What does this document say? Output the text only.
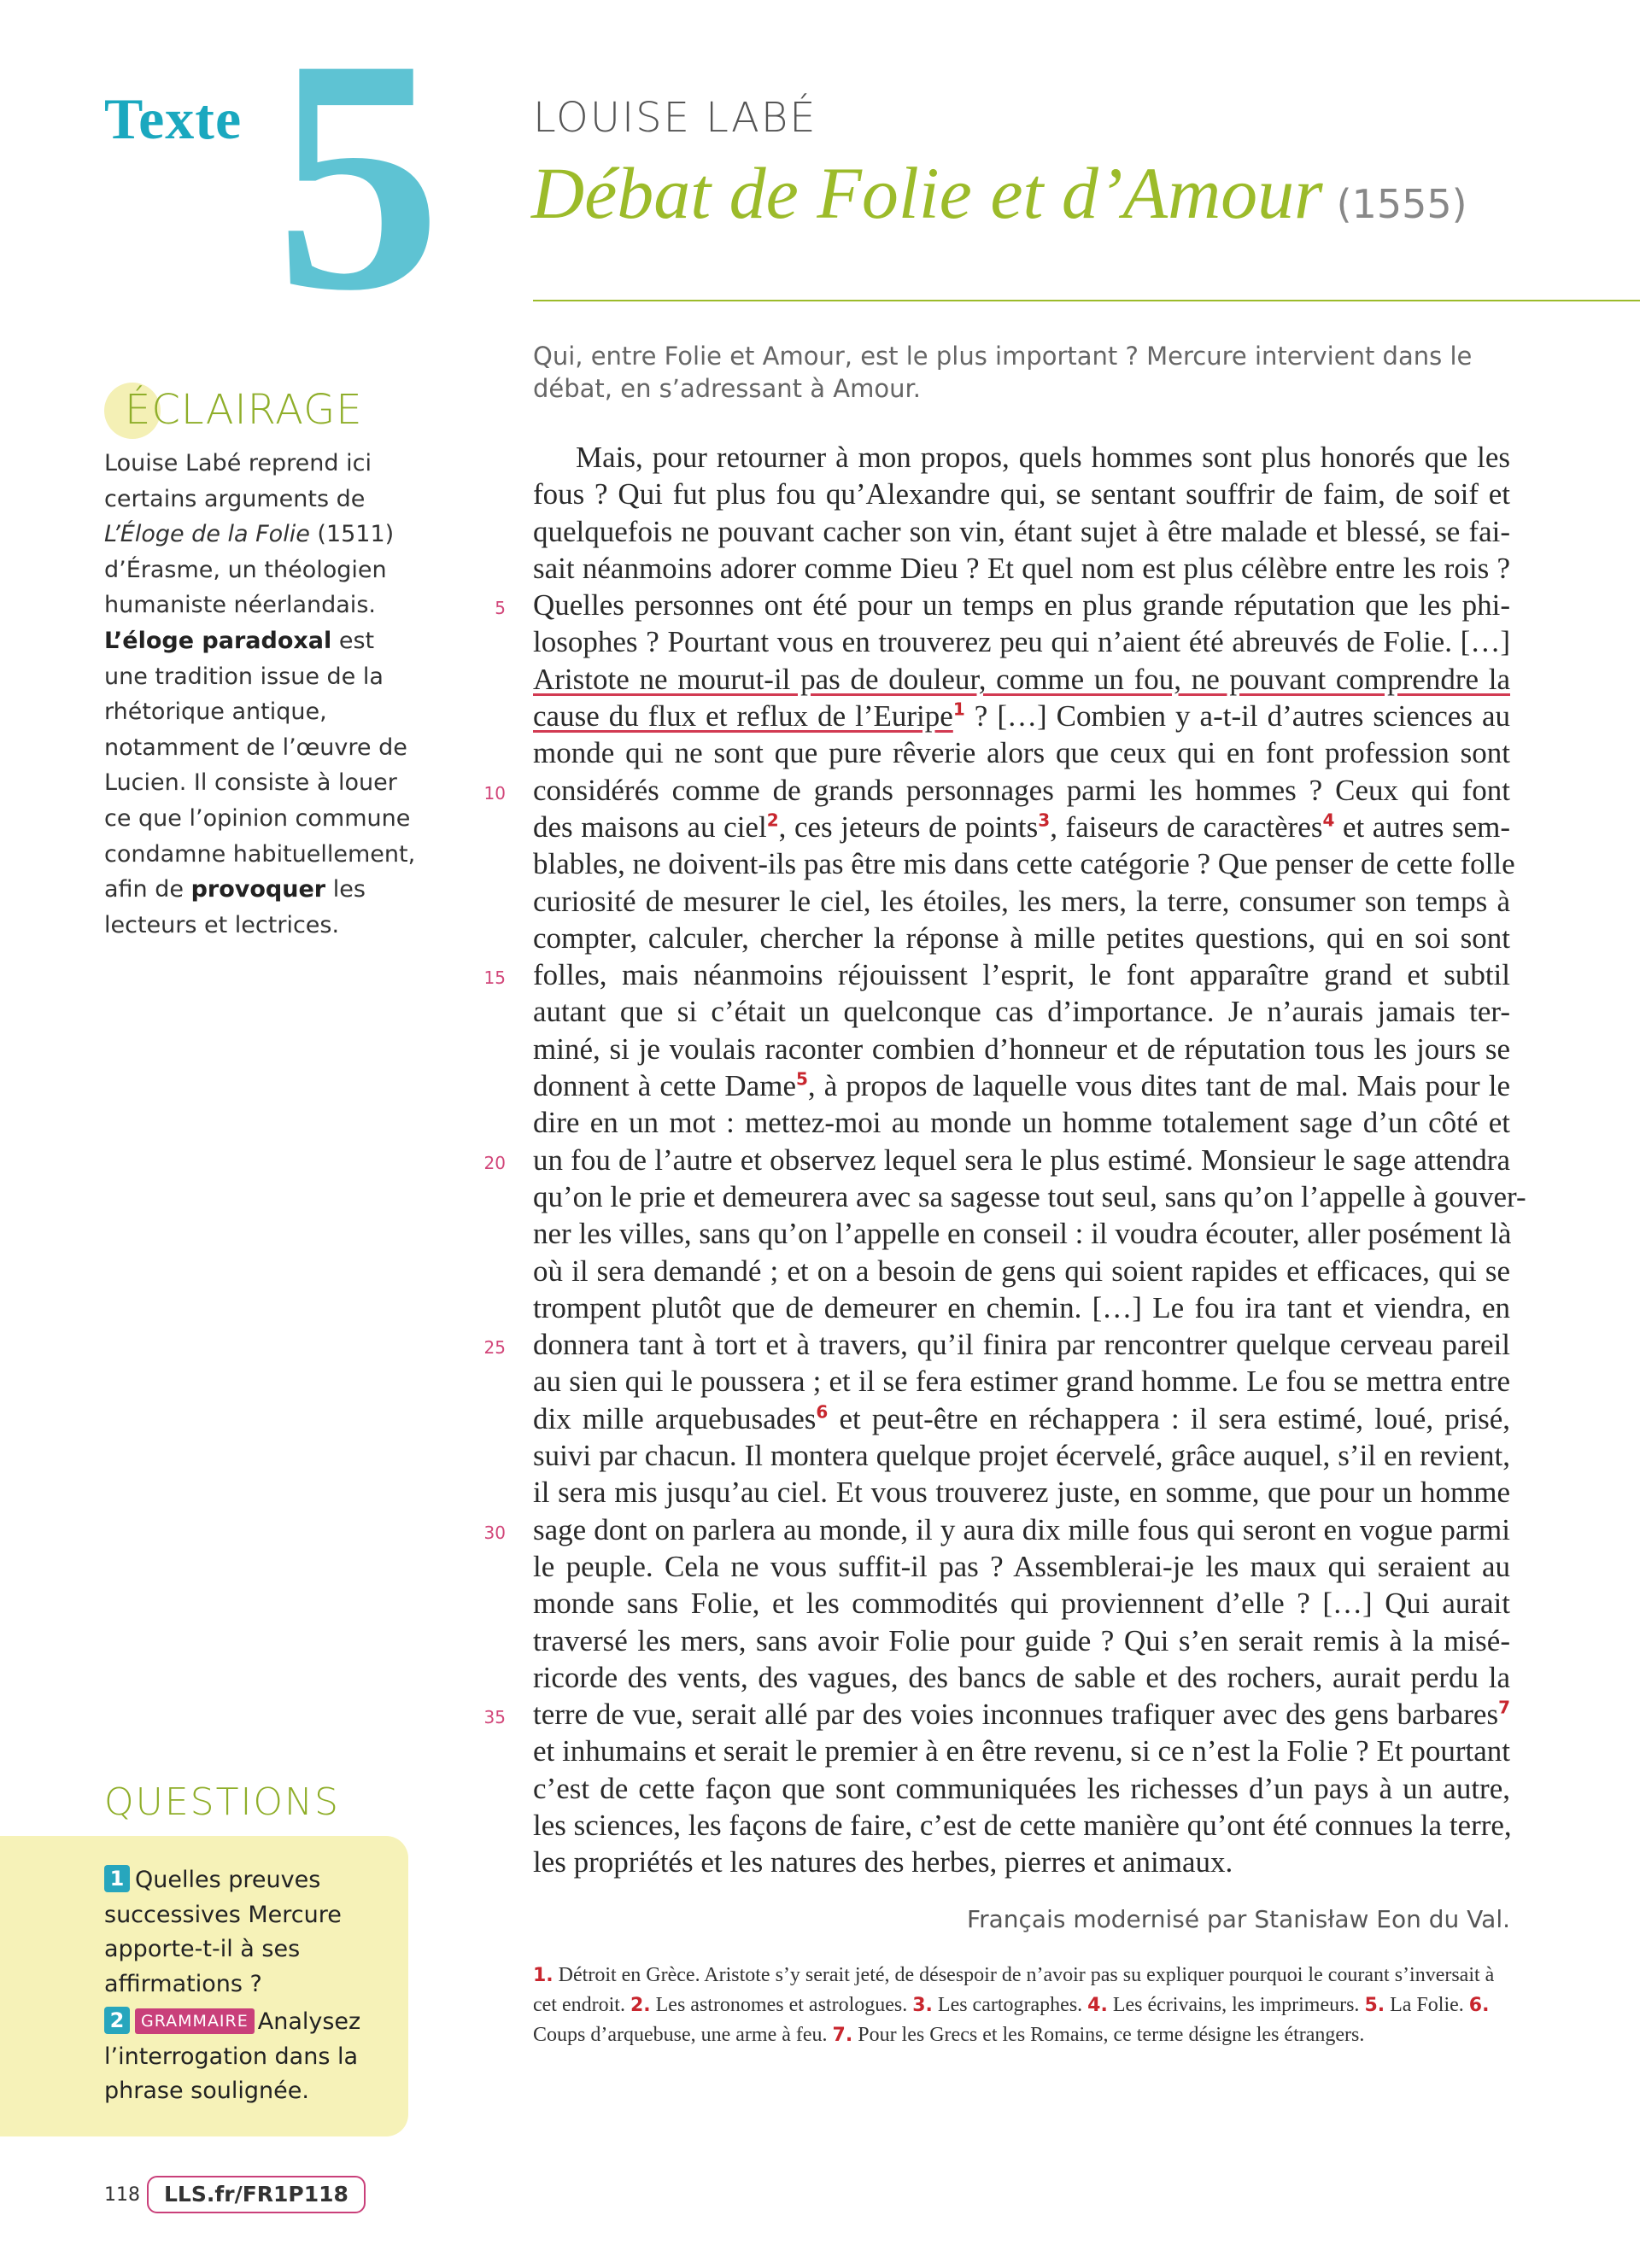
Texte 5 LOUISE LABÉ
Débat de Folie et d’Amour (1555)
Qui, entre Folie et Amour, est le plus important ? Mercure intervient dans le débat, en s’adressant à Amour.
Mais, pour retourner à mon propos, quels hommes sont plus honorés que les
fous ? Qui fut plus fou qu’Alexandre qui, se sentant souffrir de faim, de soif et
quelquefois ne pouvant cacher son vin, étant sujet à être malade et blessé, se fai-
sait néanmoins adorer comme Dieu ? Et quel nom est plus célèbre entre les rois ?
Quelles personnes ont été pour un temps en plus grande réputation que les phi-
losophes ? Pourtant vous en trouverez peu qui n’aient été abreuvés de Folie. […]
Aristote ne mourut-il pas de douleur, comme un fou, ne pouvant comprendre la
cause du flux et reflux de l’Euripe$^1$ ? […] Combien y a-t-il d’autres sciences au
monde qui ne sont que pure rêverie alors que ceux qui en font profession sont
considérés comme de grands personnages parmi les hommes ? Ceux qui font
des maisons au ciel$^2$, ces jeteurs de points$^3$, faiseurs de caractères$^4$ et autres sem-
blables, ne doivent-ils pas être mis dans cette catégorie ? Que penser de cette folle
curiosité de mesurer le ciel, les étoiles, les mers, la terre, consumer son temps à
compter, calculer, chercher la réponse à mille petites questions, qui en soi sont
folles, mais néanmoins réjouissent l’esprit, le font apparaître grand et subtil
autant que si c’était un quelconque cas d’importance. Je n’aurais jamais ter-
miné, si je voulais raconter combien d’honneur et de réputation tous les jours se
donnent à cette Dame$^5$, à propos de laquelle vous dites tant de mal. Mais pour le
dire en un mot : mettez-moi au monde un homme totalement sage d’un côté et
un fou de l’autre et observez lequel sera le plus estimé. Monsieur le sage attendra
qu’on le prie et demeurera avec sa sagesse tout seul, sans qu’on l’appelle à gouver-
ner les villes, sans qu’on l’appelle en conseil : il voudra écouter, aller posément là
où il sera demandé ; et on a besoin de gens qui soient rapides et efficaces, qui se
trompent plutôt que de demeurer en chemin. […] Le fou ira tant et viendra, en
donnera tant à tort et à travers, qu’il finira par rencontrer quelque cerveau pareil
au sien qui le poussera ; et il se fera estimer grand homme. Le fou se mettra entre
dix mille arquebusades$^6$ et peut-être en réchappera : il sera estimé, loué, prisé,
suivi par chacun. Il montera quelque projet écervelé, grâce auquel, s’il en revient,
il sera mis jusqu’au ciel. Et vous trouverez juste, en somme, que pour un homme
sage dont on parlera au monde, il y aura dix mille fous qui seront en vogue parmi
le peuple. Cela ne vous suffit-il pas ? Assemblerai-je les maux qui seraient au
monde sans Folie, et les commodités qui proviennent d’elle ? […] Qui aurait
traversé les mers, sans avoir Folie pour guide ? Qui s’en serait remis à la misé-
ricorde des vents, des vagues, des bancs de sable et des rochers, aurait perdu la
terre de vue, serait allé par des voies inconnues trafiquer avec des gens barbares$^7$
et inhumains et serait le premier à en être revenu, si ce n’est la Folie ? Et pourtant
c’est de cette façon que sont communiquées les richesses d’un pays à un autre,
les sciences, les façons de faire, c’est de cette manière qu’ont été connues la terre,
les propriétés et les natures des herbes, pierres et animaux.
5
10
15
20
25
30
35
Français modernisé par Stanisław Eon du Val.
1. Détroit en Grèce. Aristote s’y serait jeté, de désespoir de n’avoir pas su expliquer pourquoi le courant s’inversait à cet endroit. 2. Les astronomes et astrologues. 3. Les cartographes. 4. Les écrivains, les imprimeurs. 5. La Folie. 6. Coups d’arquebuse, une arme à feu. 7. Pour les Grecs et les Romains, ce terme désigne les étrangers.
ÉCLAIRAGE
Louise Labé reprend ici certains arguments de L’Éloge de la Folie (1511) d’Érasme, un théologien humaniste néerlandais. L’éloge paradoxal est une tradition issue de la rhétorique antique, notamment de l’œuvre de Lucien. Il consiste à louer ce que l’opinion commune condamne habituellement, afin de provoquer les lecteurs et lectrices.
QUESTIONS
1 Quelles preuves successives Mercure apporte-t-il à ses affirmations ?
2 GRAMMAIRE Analysez l’interrogation dans la phrase soulignée.
118	LLS.fr/FR1P118
